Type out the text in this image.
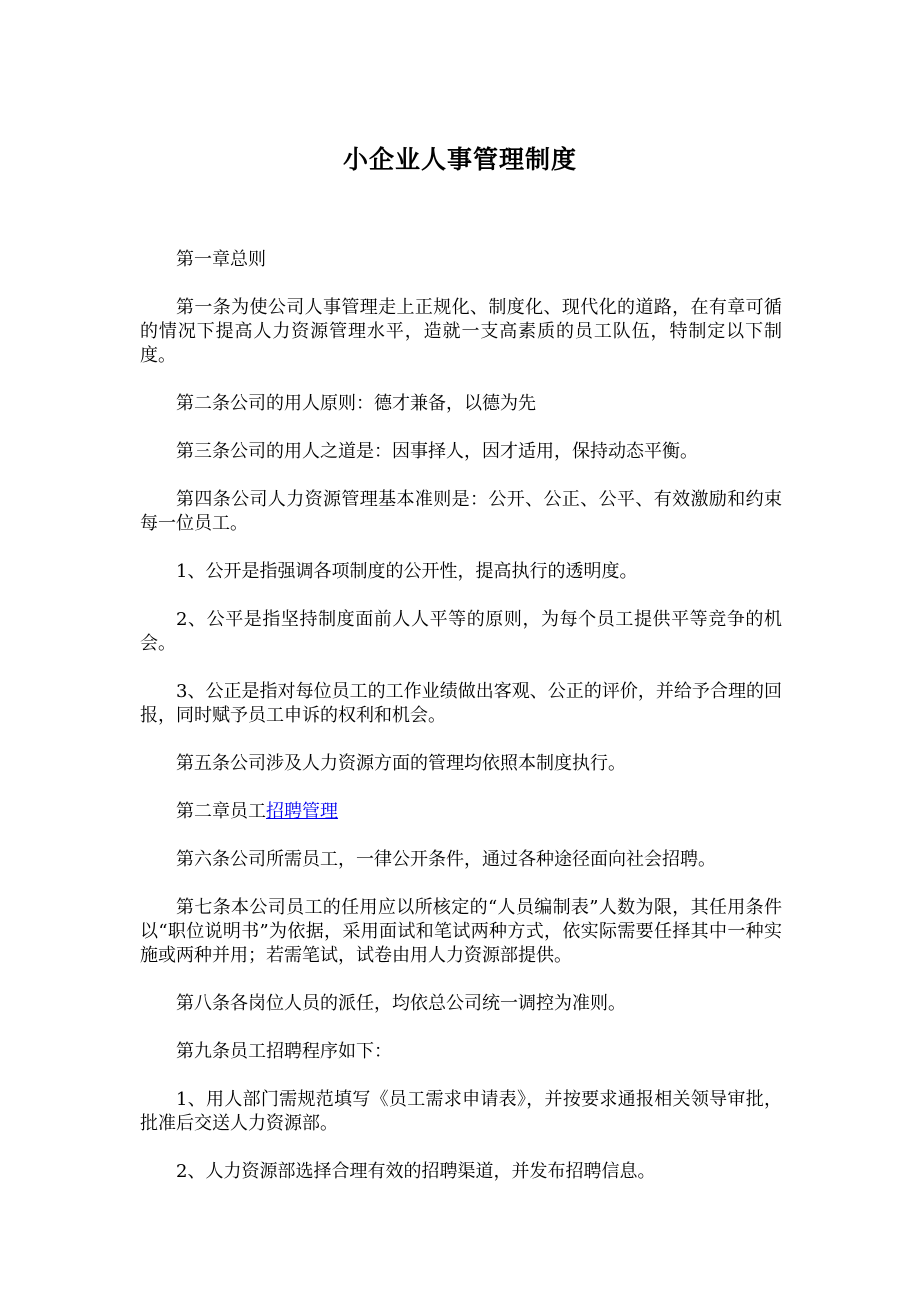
小企业人事管理制度

第一章总则

第一条为使公司人事管理走上正规化、制度化、现代化的道路，在有章可循的情况下提高人力资源管理水平，造就一支高素质的员工队伍，特制定以下制度。

第二条公司的用人原则：德才兼备，以德为先

第三条公司的用人之道是：因事择人，因才适用，保持动态平衡。

第四条公司人力资源管理基本准则是：公开、公正、公平、有效激励和约束每一位员工。

1、公开是指强调各项制度的公开性，提高执行的透明度。

2、公平是指坚持制度面前人人平等的原则，为每个员工提供平等竞争的机会。

3、公正是指对每位员工的工作业绩做出客观、公正的评价，并给予合理的回报，同时赋予员工申诉的权利和机会。

第五条公司涉及人力资源方面的管理均依照本制度执行。

第二章员工招聘管理

第六条公司所需员工，一律公开条件，通过各种途径面向社会招聘。

第七条本公司员工的任用应以所核定的“人员编制表”人数为限，其任用条件以“职位说明书”为依据，采用面试和笔试两种方式，依实际需要任择其中一种实施或两种并用；若需笔试，试卷由用人力资源部提供。

第八条各岗位人员的派任，均依总公司统一调控为准则。

第九条员工招聘程序如下：

1、用人部门需规范填写《员工需求申请表》，并按要求通报相关领导审批，批准后交送人力资源部。

2、人力资源部选择合理有效的招聘渠道，并发布招聘信息。
